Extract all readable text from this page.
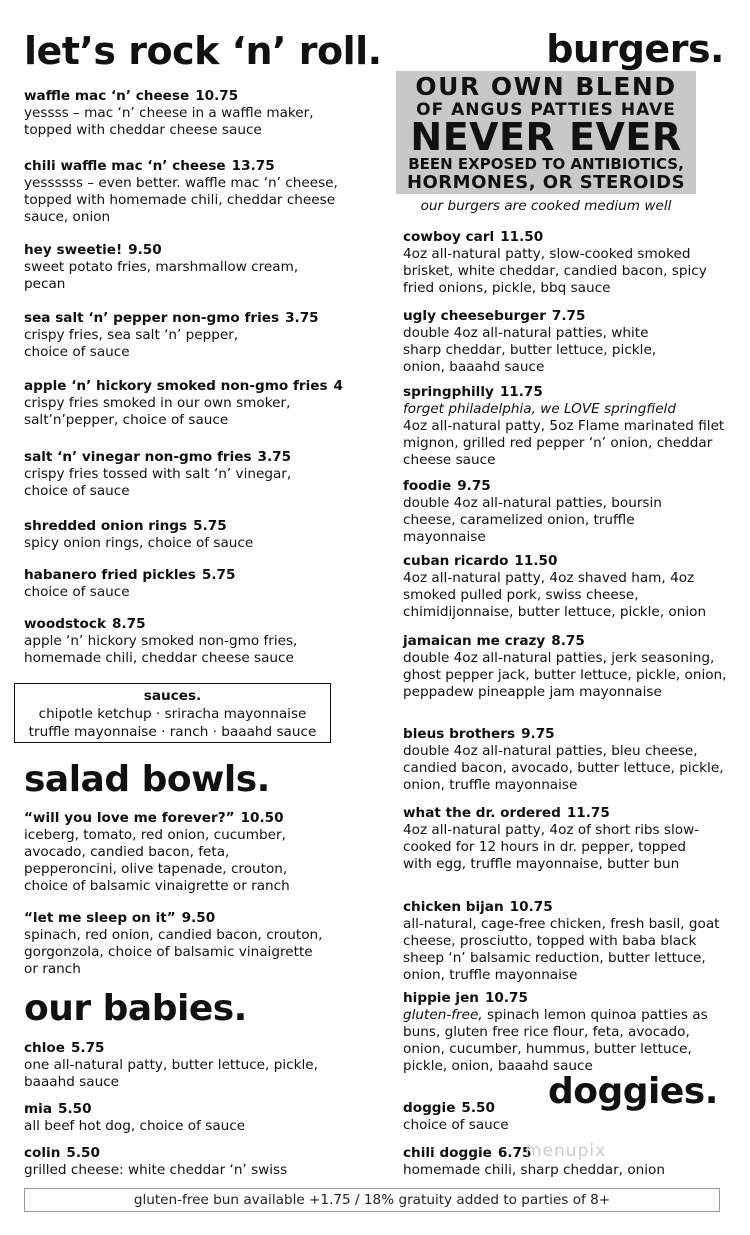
let’s rock ‘n’ roll.
waffle mac ‘n’ cheese 10.75
yessss – mac ‘n’ cheese in a waffle maker, topped with cheddar cheese sauce
chili waffle mac ‘n’ cheese 13.75
yessssss – even better. waffle mac ‘n’ cheese, topped with homemade chili, cheddar cheese sauce, onion
hey sweetie! 9.50
sweet potato fries, marshmallow cream, pecan
sea salt ‘n’ pepper non-gmo fries 3.75
crispy fries, sea salt ‘n’ pepper, choice of sauce
apple ‘n’ hickory smoked non-gmo fries 4
crispy fries smoked in our own smoker, salt’n’pepper, choice of sauce
salt ‘n’ vinegar non-gmo fries 3.75
crispy fries tossed with salt ‘n’ vinegar, choice of sauce
shredded onion rings 5.75
spicy onion rings, choice of sauce
habanero fried pickles 5.75
choice of sauce
woodstock 8.75
apple ‘n’ hickory smoked non-gmo fries, homemade chili, cheddar cheese sauce
sauces.
chipotle ketchup · sriracha mayonnaise
truffle mayonnaise · ranch · baaahd sauce
salad bowls.
“will you love me forever?” 10.50
iceberg, tomato, red onion, cucumber, avocado, candied bacon, feta, pepperoncini, olive tapenade, crouton, choice of balsamic vinaigrette or ranch
“let me sleep on it” 9.50
spinach, red onion, candied bacon, crouton, gorgonzola, choice of balsamic vinaigrette or ranch
our babies.
chloe 5.75
one all-natural patty, butter lettuce, pickle, baaahd sauce
mia 5.50
all beef hot dog, choice of sauce
colin 5.50
grilled cheese: white cheddar ‘n’ swiss
burgers.
OUR OWN BLEND
OF ANGUS PATTIES HAVE
NEVER EVER
BEEN EXPOSED TO ANTIBIOTICS,
HORMONES, OR STEROIDS
our burgers are cooked medium well
cowboy carl 11.50
4oz all-natural patty, slow-cooked smoked brisket, white cheddar, candied bacon, spicy fried onions, pickle, bbq sauce
ugly cheeseburger 7.75
double 4oz all-natural patties, white sharp cheddar, butter lettuce, pickle, onion, baaahd sauce
springphilly 11.75
forget philadelphia, we LOVE springfield
4oz all-natural patty, 5oz Flame marinated filet mignon, grilled red pepper ‘n’ onion, cheddar cheese sauce
foodie 9.75
double 4oz all-natural patties, boursin cheese, caramelized onion, truffle mayonnaise
cuban ricardo 11.50
4oz all-natural patty, 4oz shaved ham, 4oz smoked pulled pork, swiss cheese, chimidijonnaise, butter lettuce, pickle, onion
jamaican me crazy 8.75
double 4oz all-natural patties, jerk seasoning, ghost pepper jack, butter lettuce, pickle, onion, peppadew pineapple jam mayonnaise
bleus brothers 9.75
double 4oz all-natural patties, bleu cheese, candied bacon, avocado, butter lettuce, pickle, onion, truffle mayonnaise
what the dr. ordered 11.75
4oz all-natural patty, 4oz of short ribs slow-cooked for 12 hours in dr. pepper, topped with egg, truffle mayonnaise, butter bun
chicken bijan 10.75
all-natural, cage-free chicken, fresh basil, goat cheese, prosciutto, topped with baba black sheep ‘n’ balsamic reduction, butter lettuce, onion, truffle mayonnaise
hippie jen 10.75
gluten-free, spinach lemon quinoa patties as buns, gluten free rice flour, feta, avocado, onion, cucumber, hummus, butter lettuce, pickle, onion, baaahd sauce
doggies.
doggie 5.50
choice of sauce
chili doggie 6.75
homemade chili, sharp cheddar, onion
menupix
gluten-free bun available +1.75 / 18% gratuity added to parties of 8+
